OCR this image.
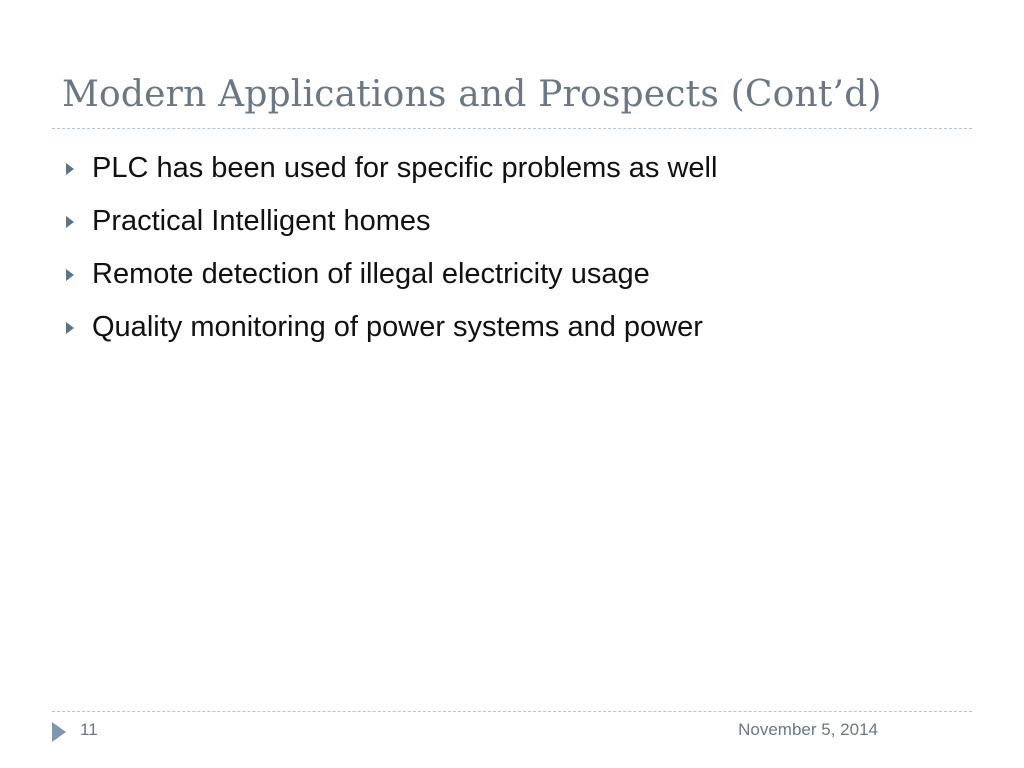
Modern Applications and Prospects (Cont’d)
PLC has been used for specific problems as well
Practical Intelligent homes
Remote detection of illegal electricity usage
Quality monitoring of power systems and power
11	November 5, 2014
